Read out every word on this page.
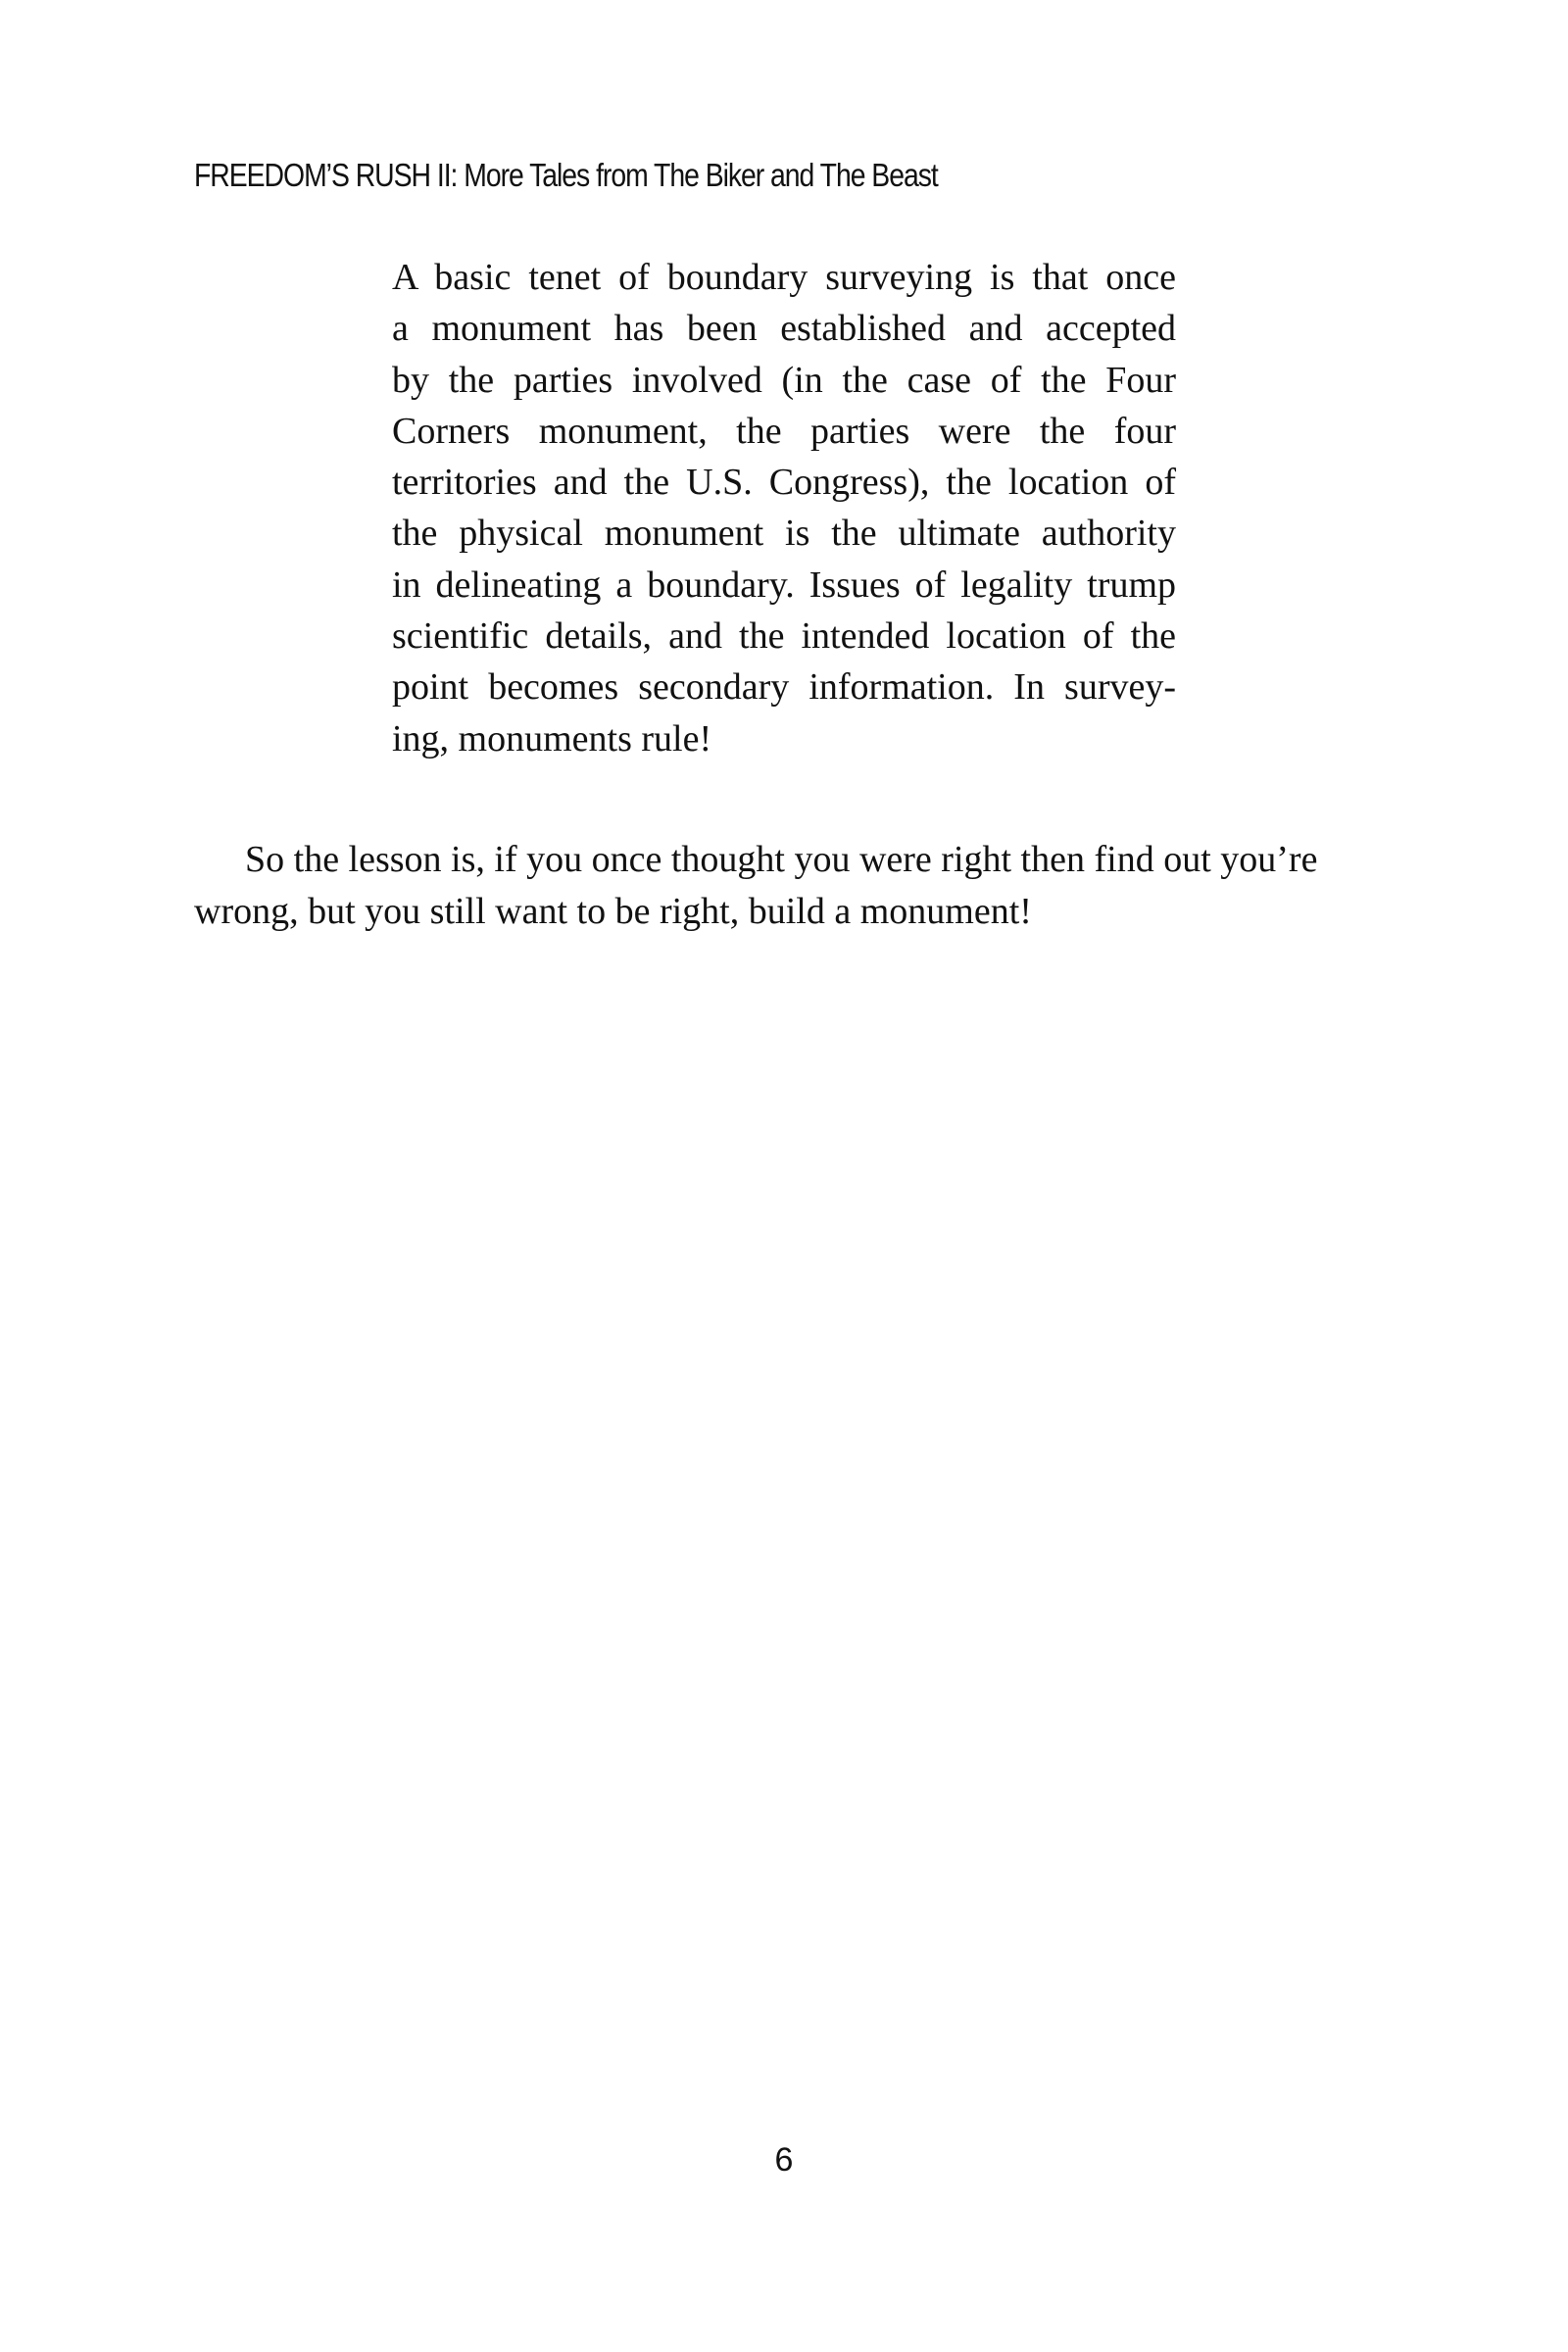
FREEDOM’S RUSH II: More Tales from The Biker and The Beast
A basic tenet of boundary surveying is that once
a monument has been established and accepted
by the parties involved (in the case of the Four
Corners monument, the parties were the four
territories and the U.S. Congress), the location of
the physical monument is the ultimate authority
in delineating a boundary. Issues of legality trump
scientific details, and the intended location of the
point becomes secondary information. In survey-
ing, monuments rule!
So the lesson is, if you once thought you were right then find out you’re
wrong, but you still want to be right, build a monument!
6
